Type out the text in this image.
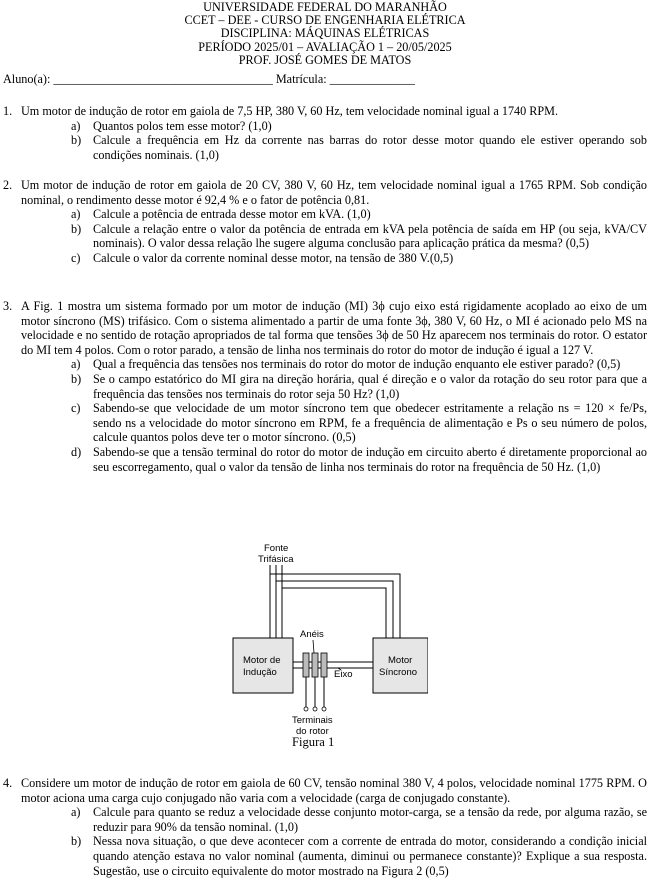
UNIVERSIDADE FEDERAL DO MARANHÃO
CCET – DEE - CURSO DE ENGENHARIA ELÉTRICA
DISCIPLINA: MÁQUINAS ELÉTRICAS
PERÍODO 2025/01 – AVALIAÇÃO 1 – 20/05/2025
PROF. JOSÉ GOMES DE MATOS
Aluno(a): ____________________________________ Matrícula: ______________
1. Um motor de indução de rotor em gaiola de 7,5 HP, 380 V, 60 Hz, tem velocidade nominal igual a 1740 RPM.
a) Quantos polos tem esse motor? (1,0)
b) Calcule a frequência em Hz da corrente nas barras do rotor desse motor quando ele estiver operando sob condições nominais. (1,0)
2. Um motor de indução de rotor em gaiola de 20 CV, 380 V, 60 Hz, tem velocidade nominal igual a 1765 RPM. Sob condição nominal, o rendimento desse motor é 92,4 % e o fator de potência 0,81.
a) Calcule a potência de entrada desse motor em kVA. (1,0)
b) Calcule a relação entre o valor da potência de entrada em kVA pela potência de saída em HP (ou seja, kVA/CV nominais). O valor dessa relação lhe sugere alguma conclusão para aplicação prática da mesma? (0,5)
c) Calcule o valor da corrente nominal desse motor, na tensão de 380 V.(0,5)
3. A Fig. 1 mostra um sistema formado por um motor de indução (MI) 3ϕ cujo eixo está rigidamente acoplado ao eixo de um motor síncrono (MS) trifásico. Com o sistema alimentado a partir de uma fonte 3ϕ, 380 V, 60 Hz, o MI é acionado pelo MS na velocidade e no sentido de rotação apropriados de tal forma que tensões 3ϕ de 50 Hz aparecem nos terminais do rotor. O estator do MI tem 4 polos. Com o rotor parado, a tensão de linha nos terminais do rotor do motor de indução é igual a 127 V.
a) Qual a frequência das tensões nos terminais do rotor do motor de indução enquanto ele estiver parado? (0,5)
b) Se o campo estatórico do MI gira na direção horária, qual é direção e o valor da rotação do seu rotor para que a frequência das tensões nos terminais do rotor seja 50 Hz? (1,0)
c) Sabendo-se que velocidade de um motor síncrono tem que obedecer estritamente a relação ns = 120 × fe/Ps, sendo ns a velocidade do motor síncrono em RPM, fe a frequência de alimentação e Ps o seu número de polos, calcule quantos polos deve ter o motor síncrono. (0,5)
d) Sabendo-se que a tensão terminal do rotor do motor de indução em circuito aberto é diretamente proporcional ao seu escorregamento, qual o valor da tensão de linha nos terminais do rotor na frequência de 50 Hz. (1,0)
Fonte
Trifásica
Motor de
Indução
Motor
Síncrono
Anéis
Eixo
Terminais
do rotor
Figura 1
4. Considere um motor de indução de rotor em gaiola de 60 CV, tensão nominal 380 V, 4 polos, velocidade nominal 1775 RPM. O motor aciona uma carga cujo conjugado não varia com a velocidade (carga de conjugado constante).
a) Calcule para quanto se reduz a velocidade desse conjunto motor-carga, se a tensão da rede, por alguma razão, se reduzir para 90% da tensão nominal. (1,0)
b) Nessa nova situação, o que deve acontecer com a corrente de entrada do motor, considerando a condição inicial quando atenção estava no valor nominal (aumenta, diminui ou permanece constante)? Explique a sua resposta. Sugestão, use o circuito equivalente do motor mostrado na Figura 2 (0,5)
